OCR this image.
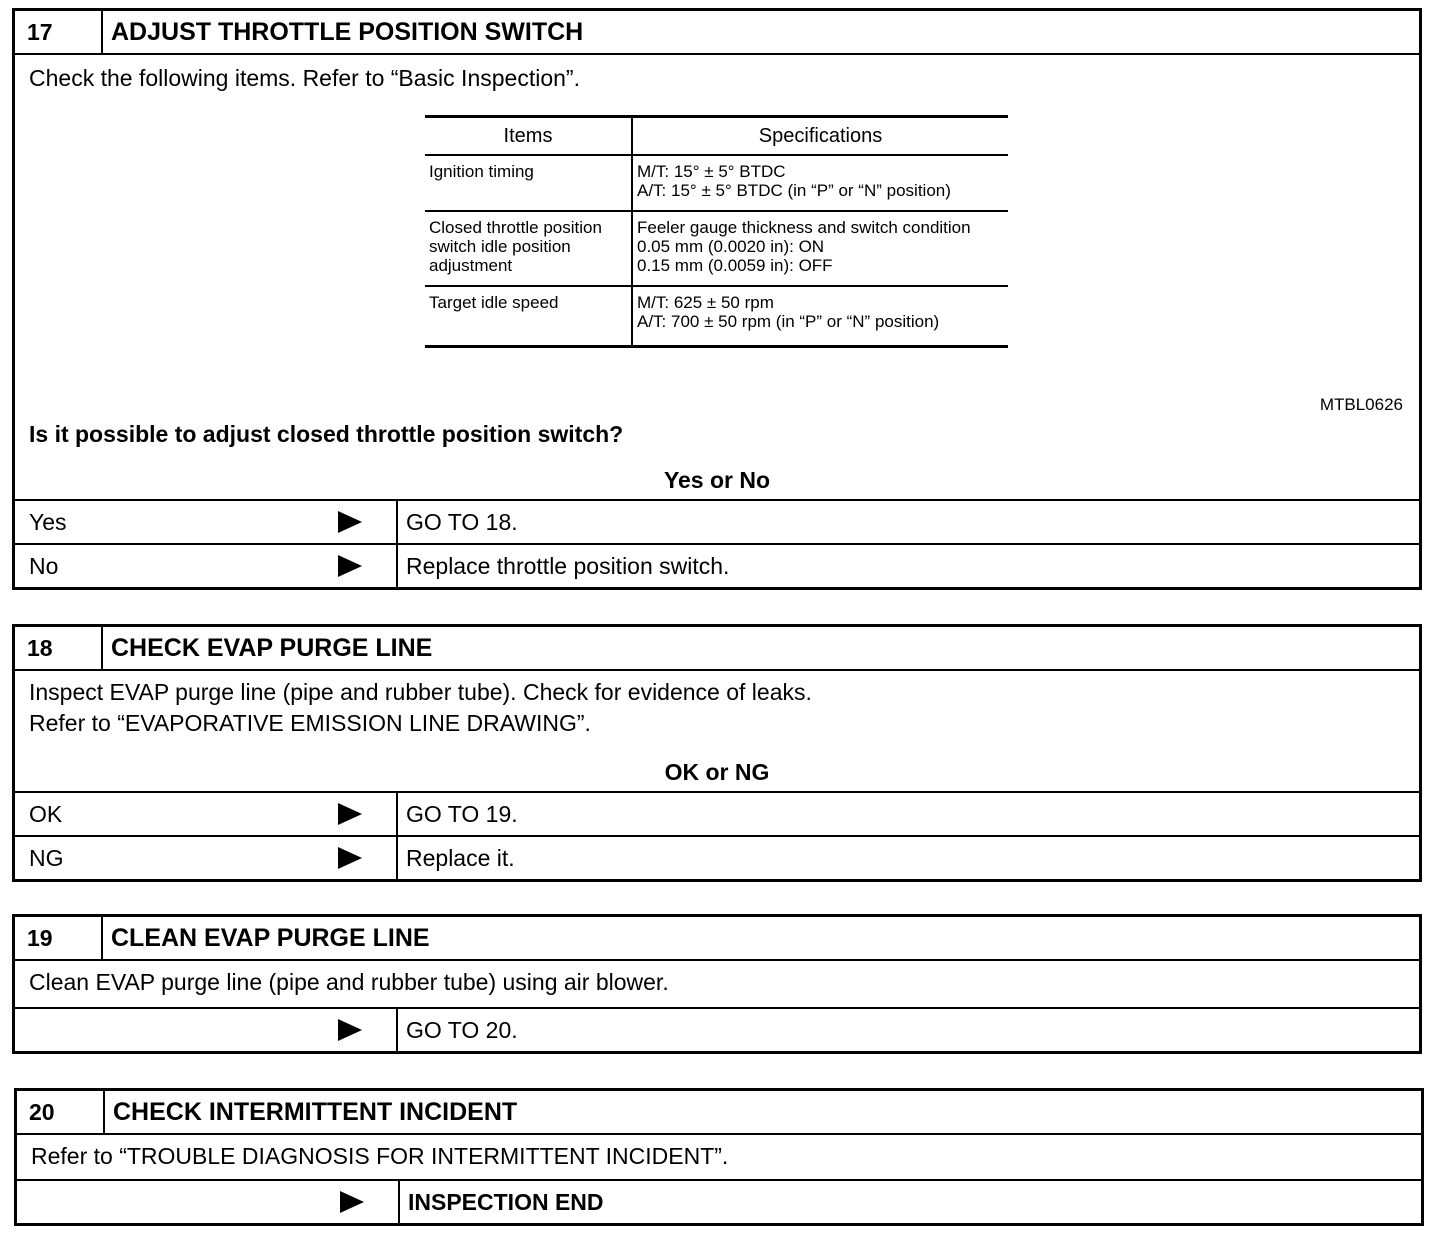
17	ADJUST THROTTLE POSITION SWITCH
Check the following items. Refer to “Basic Inspection”.
Items	Specifications
Ignition timing	M/T: 15° ± 5° BTDC
A/T: 15° ± 5° BTDC (in “P” or “N” position)

Closed throttle position switch idle position adjustment	Feeler gauge thickness and switch condition
0.05 mm (0.0020 in): ON
0.15 mm (0.0059 in): OFF

Target idle speed	M/T: 625 ± 50 rpm
A/T: 700 ± 50 rpm (in “P” or “N” position)
MTBL0626
Is it possible to adjust closed throttle position switch?
Yes or No
Yes	GO TO 18.
No	Replace throttle position switch.
18	CHECK EVAP PURGE LINE
Inspect EVAP purge line (pipe and rubber tube). Check for evidence of leaks.
Refer to “EVAPORATIVE EMISSION LINE DRAWING”.
OK or NG
OK	GO TO 19.
NG	Replace it.
19	CLEAN EVAP PURGE LINE
Clean EVAP purge line (pipe and rubber tube) using air blower.
GO TO 20.
20	CHECK INTERMITTENT INCIDENT
Refer to “TROUBLE DIAGNOSIS FOR INTERMITTENT INCIDENT”.
INSPECTION END
